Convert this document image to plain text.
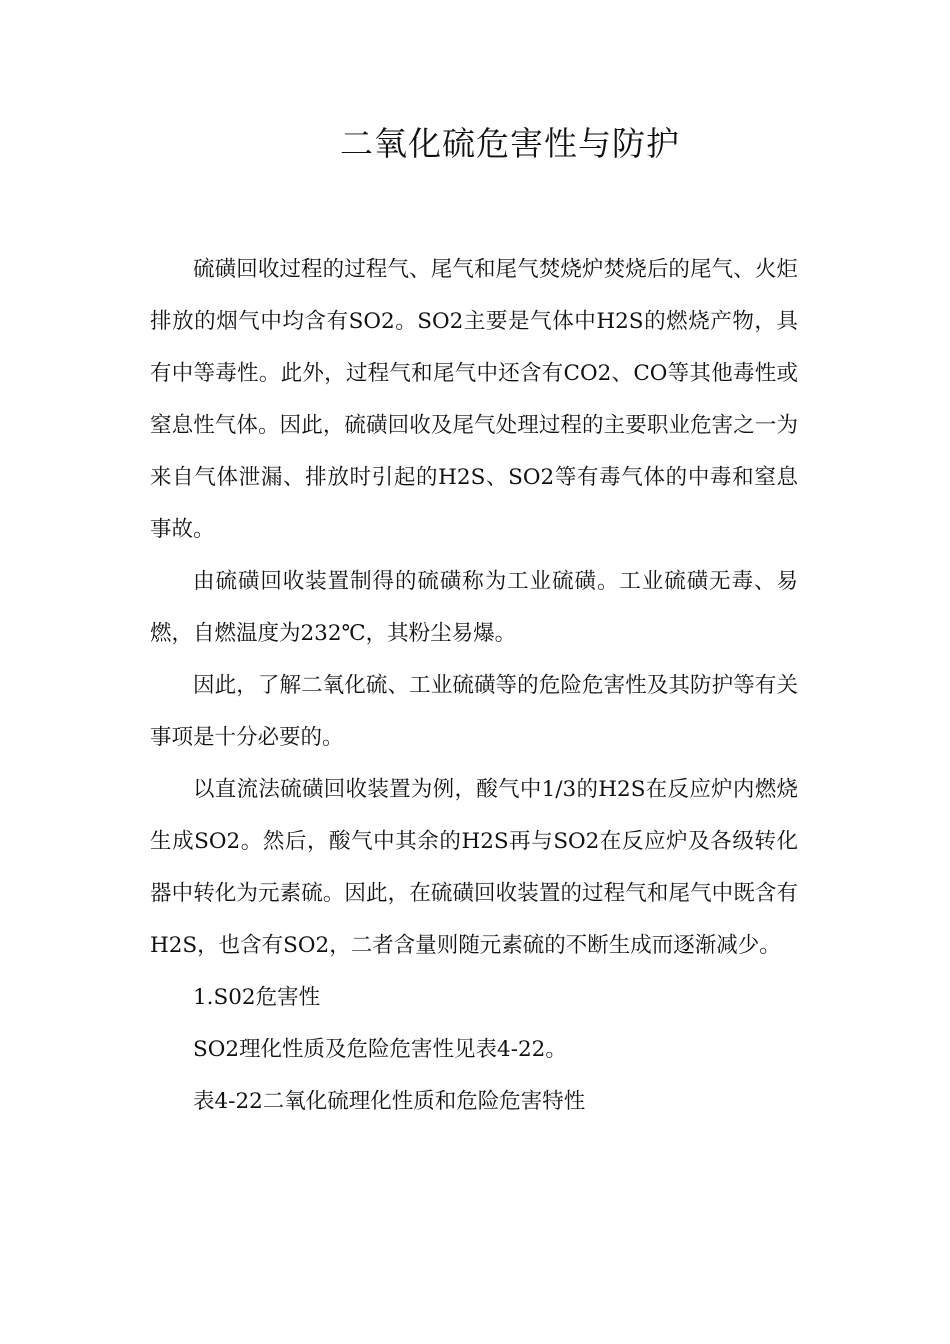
二氧化硫危害性与防护

硫磺回收过程的过程气、尾气和尾气焚烧炉焚烧后的尾气、火炬排放的烟气中均含有SO2。SO2主要是气体中H2S的燃烧产物，具有中等毒性。此外，过程气和尾气中还含有CO2、CO等其他毒性或窒息性气体。因此，硫磺回收及尾气处理过程的主要职业危害之一为来自气体泄漏、排放时引起的H2S、SO2等有毒气体的中毒和窒息事故。

由硫磺回收装置制得的硫磺称为工业硫磺。工业硫磺无毒、易燃，自燃温度为232℃，其粉尘易爆。

因此，了解二氧化硫、工业硫磺等的危险危害性及其防护等有关事项是十分必要的。

以直流法硫磺回收装置为例，酸气中1/3的H2S在反应炉内燃烧生成SO2。然后，酸气中其余的H2S再与SO2在反应炉及各级转化器中转化为元素硫。因此，在硫磺回收装置的过程气和尾气中既含有H2S，也含有SO2，二者含量则随元素硫的不断生成而逐渐减少。

1.S02危害性

SO2理化性质及危险危害性见表4-22。

表4-22二氧化硫理化性质和危险危害特性
